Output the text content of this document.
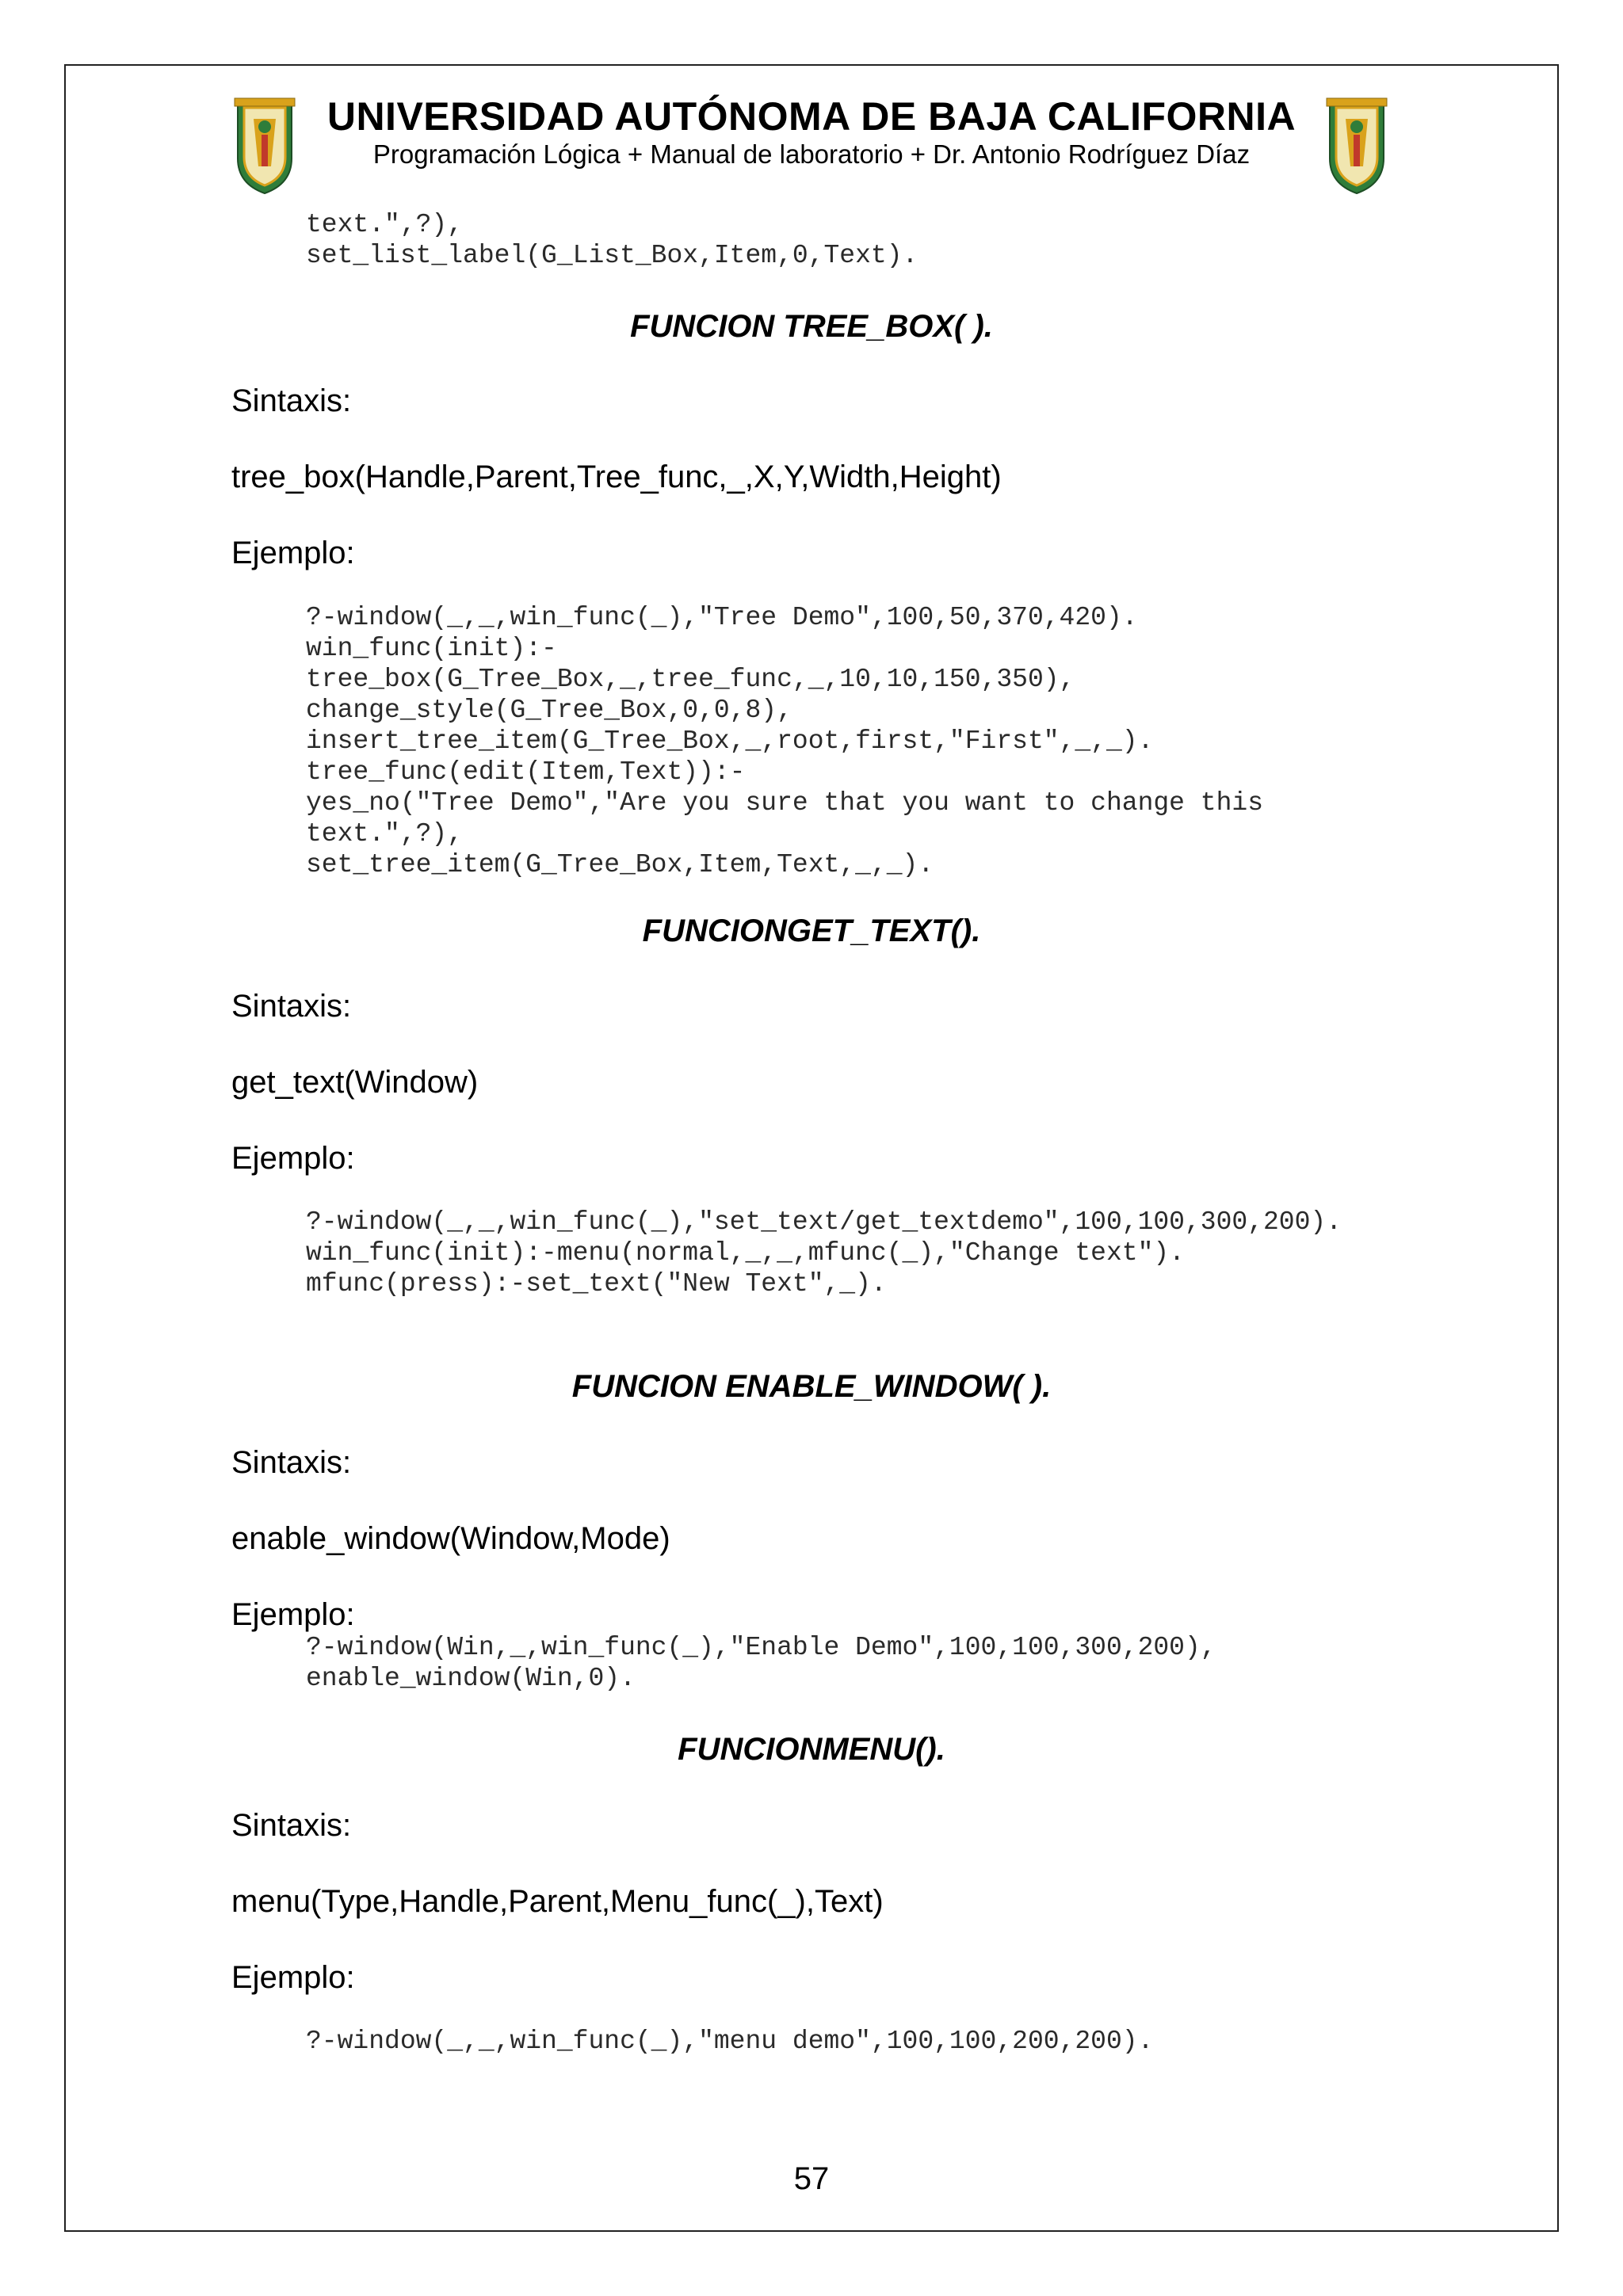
UNIVERSIDAD AUTÓNOMA DE BAJA CALIFORNIA
Programación Lógica + Manual de laboratorio + Dr. Antonio Rodríguez Díaz
text.",?),
set_list_label(G_List_Box,Item,0,Text).
FUNCION TREE_BOX( ).
Sintaxis:
tree_box(Handle,Parent,Tree_func,_,X,Y,Width,Height)
Ejemplo:
?-window(_,_,win_func(_),"Tree Demo",100,50,370,420).
win_func(init):-
tree_box(G_Tree_Box,_,tree_func,_,10,10,150,350),
change_style(G_Tree_Box,0,0,8),
insert_tree_item(G_Tree_Box,_,root,first,"First",_,_).
tree_func(edit(Item,Text)):-
yes_no("Tree Demo","Are you sure that you want to change this
text.",?),
set_tree_item(G_Tree_Box,Item,Text,_,_).
FUNCIONGET_TEXT().
Sintaxis:
get_text(Window)
Ejemplo:
?-window(_,_,win_func(_),"set_text/get_textdemo",100,100,300,200).
win_func(init):-menu(normal,_,_,mfunc(_),"Change text").
mfunc(press):-set_text("New Text",_).
FUNCION ENABLE_WINDOW( ).
Sintaxis:
enable_window(Window,Mode)
Ejemplo:
?-window(Win,_,win_func(_),"Enable Demo",100,100,300,200),
enable_window(Win,0).
FUNCIONMENU().
Sintaxis:
menu(Type,Handle,Parent,Menu_func(_),Text)
Ejemplo:
?-window(_,_,win_func(_),"menu demo",100,100,200,200).
57
